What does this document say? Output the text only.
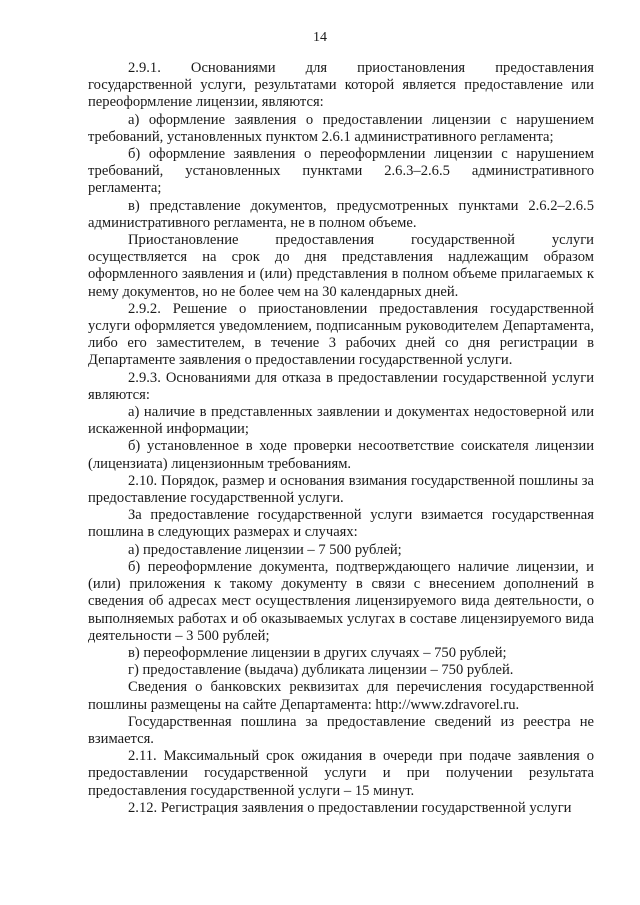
14

2.9.1. Основаниями для приостановления предоставления государственной услуги, результатами которой является предоставление или переоформление лицензии, являются:

а) оформление заявления о предоставлении лицензии с нарушением требований, установленных пунктом 2.6.1 административного регламента;

б) оформление заявления о переоформлении лицензии с нарушением требований, установленных пунктами 2.6.3–2.6.5 административного регламента;

в) представление документов, предусмотренных пунктами 2.6.2–2.6.5 административного регламента, не в полном объеме.

Приостановление предоставления государственной услуги осуществляется на срок до дня представления надлежащим образом оформленного заявления и (или) представления в полном объеме прилагаемых к нему документов, но не более чем на 30 календарных дней.

2.9.2. Решение о приостановлении предоставления государственной услуги оформляется уведомлением, подписанным руководителем Департамента, либо его заместителем, в течение 3 рабочих дней со дня регистрации в Департаменте заявления о предоставлении государственной услуги.

2.9.3. Основаниями для отказа в предоставлении государственной услуги являются:

а) наличие в представленных заявлении и документах недостоверной или искаженной информации;

б) установленное в ходе проверки несоответствие соискателя лицензии (лицензиата) лицензионным требованиям.

2.10. Порядок, размер и основания взимания государственной пошлины за предоставление государственной услуги.

За предоставление государственной услуги взимается государственная пошлина в следующих размерах и случаях:

а) предоставление лицензии – 7 500 рублей;

б) переоформление документа, подтверждающего наличие лицензии, и (или) приложения к такому документу в связи с внесением дополнений в сведения об адресах мест осуществления лицензируемого вида деятельности, о выполняемых работах и об оказываемых услугах в составе лицензируемого вида деятельности – 3 500 рублей;

в) переоформление лицензии в других случаях – 750 рублей;

г) предоставление (выдача) дубликата лицензии – 750 рублей.

Сведения о банковских реквизитах для перечисления государственной пошлины размещены на сайте Департамента: http://www.zdravorel.ru.

Государственная пошлина за предоставление сведений из реестра не взимается.

2.11. Максимальный срок ожидания в очереди при подаче заявления о предоставлении государственной услуги и при получении результата предоставления государственной услуги – 15 минут.

2.12. Регистрация заявления о предоставлении государственной услуги
